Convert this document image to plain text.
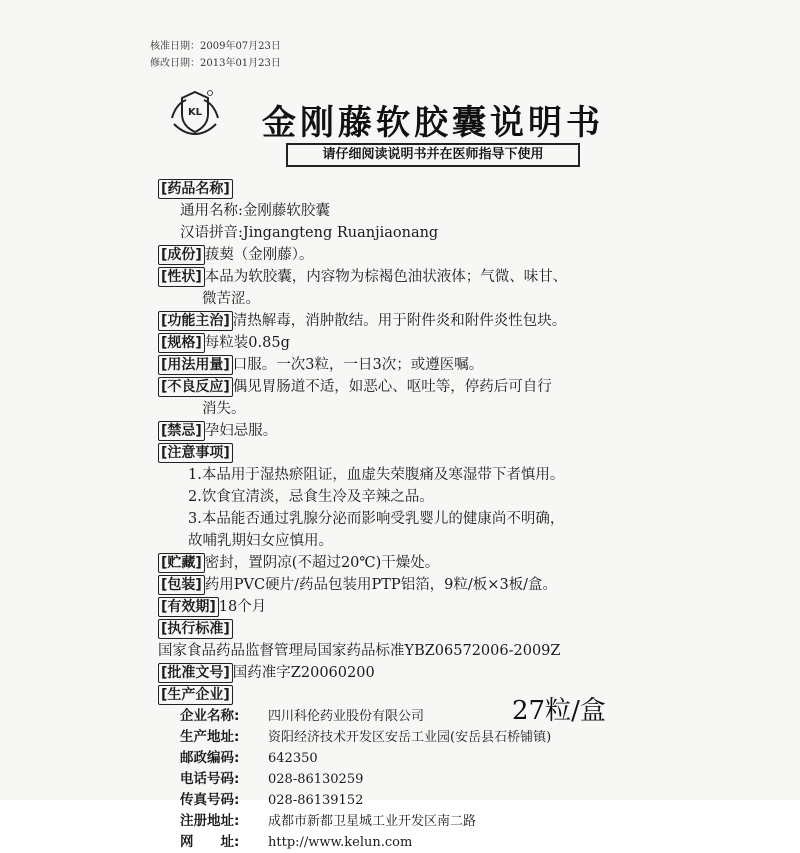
核准日期：2009年07月23日
修改日期：2013年01月23日
KL 金刚藤软胶囊说明书
请仔细阅读说明书并在医师指导下使用
[药品名称]
通用名称:金刚藤软胶囊
汉语拼音:Jingangteng Ruanjiaonang
[成份] 菝葜（金刚藤）。
[性状] 本品为软胶囊，内容物为棕褐色油状液体；气微、味甘、
微苦涩。
[功能主治] 清热解毒，消肿散结。用于附件炎和附件炎性包块。
[规格] 每粒装0.85g
[用法用量] 口服。一次3粒，一日3次；或遵医嘱。
[不良反应] 偶见胃肠道不适，如恶心、呕吐等，停药后可自行
消失。
[禁忌] 孕妇忌服。
[注意事项]
1.本品用于湿热瘀阻证，血虚失荣腹痛及寒湿带下者慎用。
2.饮食宜清淡，忌食生冷及辛辣之品。
3.本品能否通过乳腺分泌而影响受乳婴儿的健康尚不明确，
故哺乳期妇女应慎用。
[贮藏] 密封，置阴凉(不超过20℃)干燥处。
[包装] 药用PVC硬片/药品包装用PTP铝箔，9粒/板×3板/盒。
[有效期] 18个月
[执行标准]
国家食品药品监督管理局国家药品标准YBZ06572006-2009Z
[批准文号] 国药准字Z20060200
[生产企业]
企业名称: 四川科伦药业股份有限公司
生产地址: 资阳经济技术开发区安岳工业园(安岳县石桥铺镇)
邮政编码: 642350
电话号码: 028-86130259
传真号码: 028-86139152
注册地址: 成都市新都卫星城工业开发区南二路
网　　址: http://www.kelun.com
27粒/盒
